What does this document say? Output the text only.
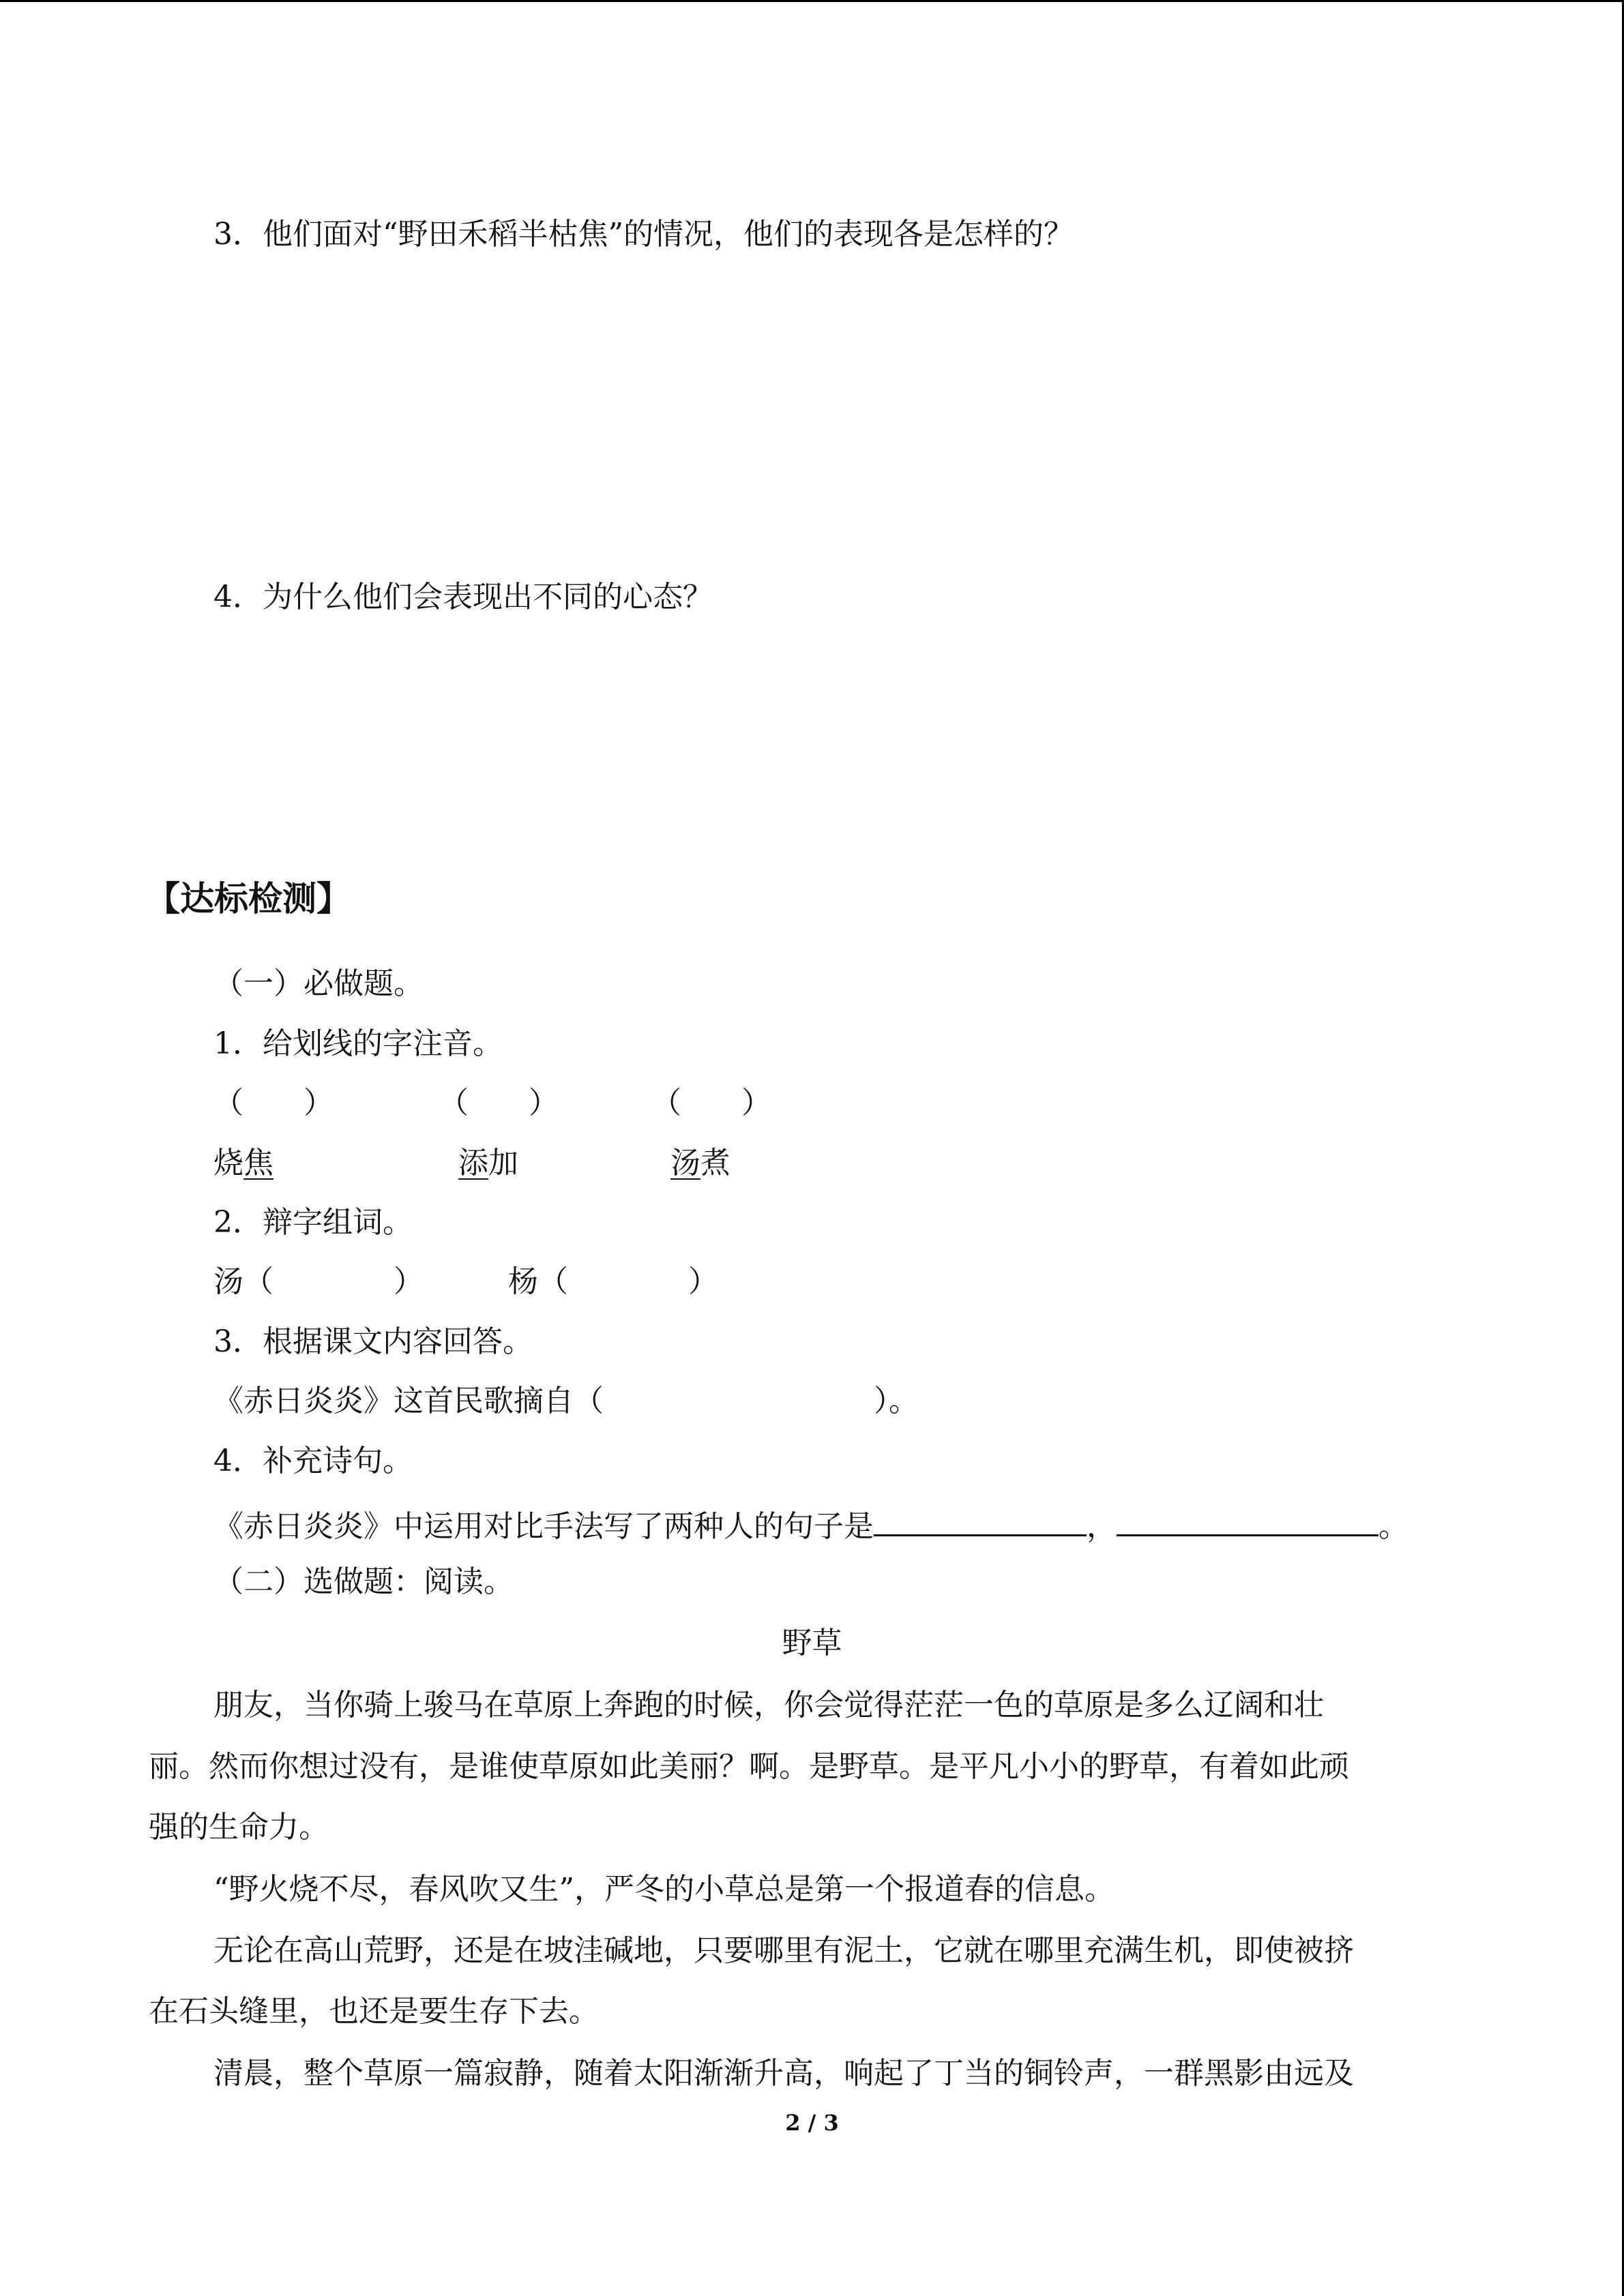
3．他们面对“野田禾稻半枯焦”的情况，他们的表现各是怎样的？
4．为什么他们会表现出不同的心态？
【达标检测】
（一）必做题。
1．给划线的字注音。
（　　）	（　　）	（　　）
烧焦	添加	汤煮
2．辩字组词。
汤（　　　　）	杨（　　　　）
3．根据课文内容回答。
《赤日炎炎》这首民歌摘自（　　　　　　　　　）。
4．补充诗句。
《赤日炎炎》中运用对比手法写了两种人的句子是	，	。
（二）选做题：阅读。
野草
朋友，当你骑上骏马在草原上奔跑的时候，你会觉得茫茫一色的草原是多么辽阔和壮
丽。然而你想过没有，是谁使草原如此美丽？啊。是野草。是平凡小小的野草，有着如此顽
强的生命力。
“野火烧不尽，春风吹又生”，严冬的小草总是第一个报道春的信息。
无论在高山荒野，还是在坡洼碱地，只要哪里有泥土，它就在哪里充满生机，即使被挤
在石头缝里，也还是要生存下去。
清晨，整个草原一篇寂静，随着太阳渐渐升高，响起了丁当的铜铃声，一群黑影由远及
2 / 3
